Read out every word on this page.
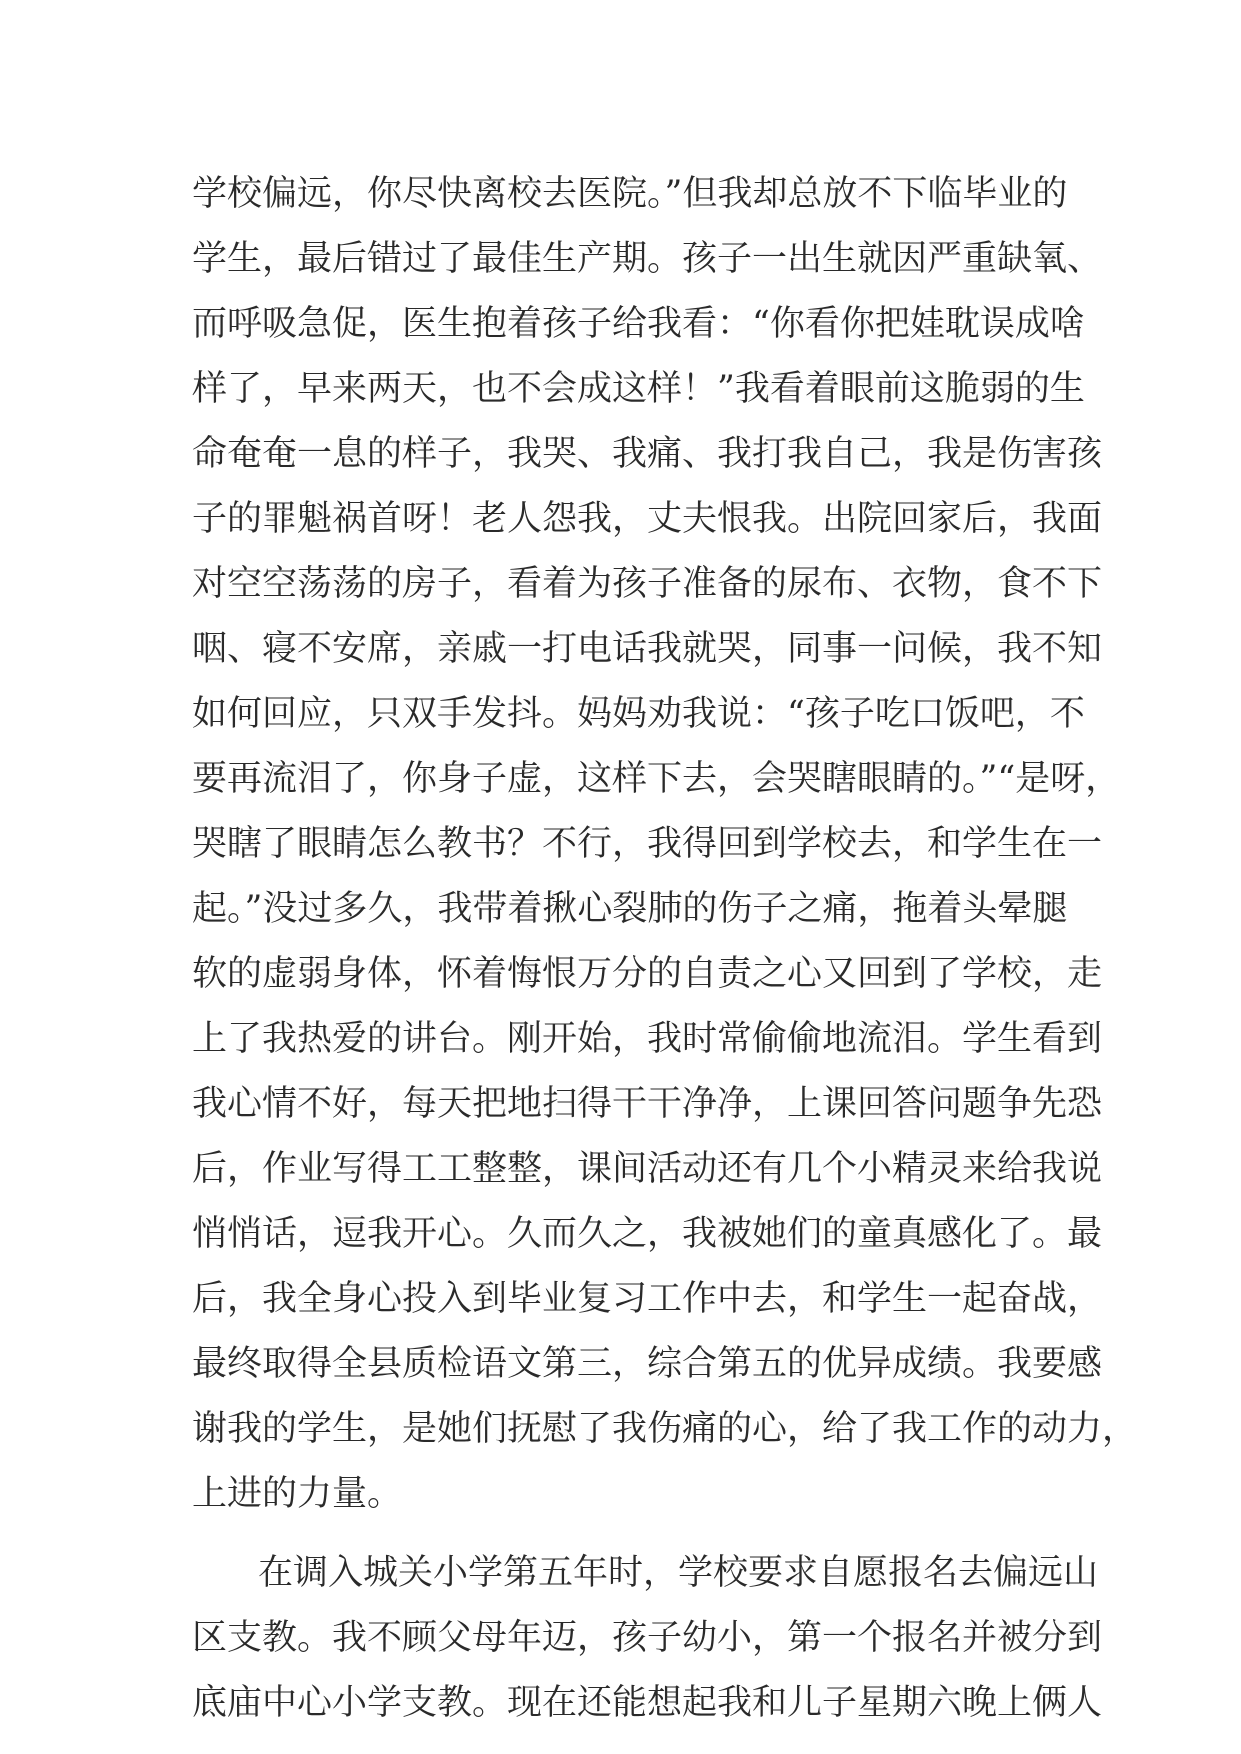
学校偏远，你尽快离校去医院。”但我却总放不下临毕业的
学生，最后错过了最佳生产期。孩子一出生就因严重缺氧、
而呼吸急促，医生抱着孩子给我看：“你看你把娃耽误成啥
样了，早来两天，也不会成这样！”我看着眼前这脆弱的生
命奄奄一息的样子，我哭、我痛、我打我自己，我是伤害孩
子的罪魁祸首呀！老人怨我，丈夫恨我。出院回家后，我面
对空空荡荡的房子，看着为孩子准备的尿布、衣物，食不下
咽、寝不安席，亲戚一打电话我就哭，同事一问候，我不知
如何回应，只双手发抖。妈妈劝我说：“孩子吃口饭吧，不
要再流泪了，你身子虚，这样下去，会哭瞎眼睛的。”“是呀，
哭瞎了眼睛怎么教书？不行，我得回到学校去，和学生在一
起。”没过多久，我带着揪心裂肺的伤子之痛，拖着头晕腿
软的虚弱身体，怀着悔恨万分的自责之心又回到了学校，走
上了我热爱的讲台。刚开始，我时常偷偷地流泪。学生看到
我心情不好，每天把地扫得干干净净，上课回答问题争先恐
后，作业写得工工整整，课间活动还有几个小精灵来给我说
悄悄话，逗我开心。久而久之，我被她们的童真感化了。最
后，我全身心投入到毕业复习工作中去，和学生一起奋战，
最终取得全县质检语文第三，综合第五的优异成绩。我要感
谢我的学生，是她们抚慰了我伤痛的心，给了我工作的动力，
上进的力量。
在调入城关小学第五年时，学校要求自愿报名去偏远山
区支教。我不顾父母年迈，孩子幼小，第一个报名并被分到
底庙中心小学支教。现在还能想起我和儿子星期六晚上俩人
